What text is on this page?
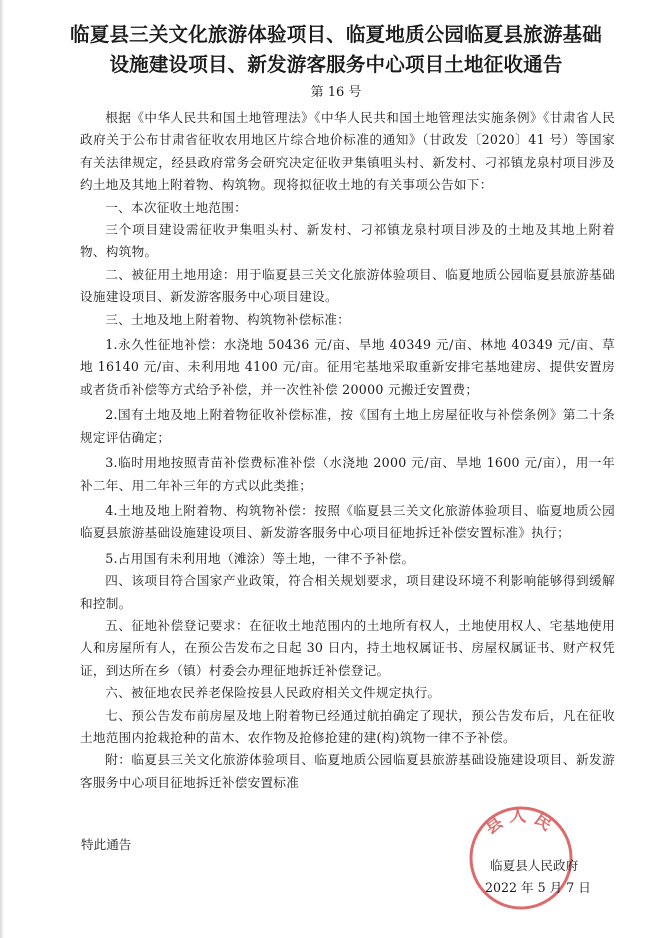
临夏县三关文化旅游体验项目、临夏地质公园临夏县旅游基础
设施建设项目、新发游客服务中心项目土地征收通告
第 16 号

根据《中华人民共和国土地管理法》《中华人民共和国土地管理法实施条例》《甘肃省人民政府关于公布甘肃省征收农用地区片综合地价标准的通知》（甘政发〔2020〕41 号）等国家有关法律规定，经县政府常务会研究决定征收尹集镇咀头村、新发村、刁祁镇龙泉村项目涉及约土地及其地上附着物、构筑物。现将拟征收土地的有关事项公告如下：

一、本次征收土地范围：

三个项目建设需征收尹集咀头村、新发村、刁祁镇龙泉村项目涉及的土地及其地上附着物、构筑物。

二、被征用土地用途：用于临夏县三关文化旅游体验项目、临夏地质公园临夏县旅游基础设施建设项目、新发游客服务中心项目建设。

三、土地及地上附着物、构筑物补偿标准：

1.永久性征地补偿：水浇地 50436 元/亩、旱地 40349 元/亩、林地 40349 元/亩、草地 16140 元/亩、未利用地 4100 元/亩。征用宅基地采取重新安排宅基地建房、提供安置房或者货币补偿等方式给予补偿，并一次性补偿 20000 元搬迁安置费；

2.国有土地及地上附着物征收补偿标准，按《国有土地上房屋征收与补偿条例》第二十条规定评估确定；

3.临时用地按照青苗补偿费标准补偿（水浇地 2000 元/亩、旱地 1600 元/亩），用一年补二年、用二年补三年的方式以此类推；

4.土地及地上附着物、构筑物补偿：按照《临夏县三关文化旅游体验项目、临夏地质公园临夏县旅游基础设施建设项目、新发游客服务中心项目征地拆迁补偿安置标准》执行；

5.占用国有未利用地（滩涂）等土地，一律不予补偿。

四、该项目符合国家产业政策，符合相关规划要求，项目建设环境不利影响能够得到缓解和控制。

五、征地补偿登记要求：在征收土地范围内的土地所有权人，土地使用权人、宅基地使用人和房屋所有人，在预公告发布之日起 30 日内，持土地权属证书、房屋权属证书、财产权凭证，到达所在乡（镇）村委会办理征地拆迁补偿登记。

六、被征地农民养老保险按县人民政府相关文件规定执行。

七、预公告发布前房屋及地上附着物已经通过航拍确定了现状，预公告发布后，凡在征收土地范围内抢栽抢种的苗木、农作物及抢修抢建的建(构)筑物一律不予补偿。

附：临夏县三关文化旅游体验项目、临夏地质公园临夏县旅游基础设施建设项目、新发游客服务中心项目征地拆迁补偿安置标准

特此通告
县人民
临夏县人民政府
2022 年 5 月 7 日
